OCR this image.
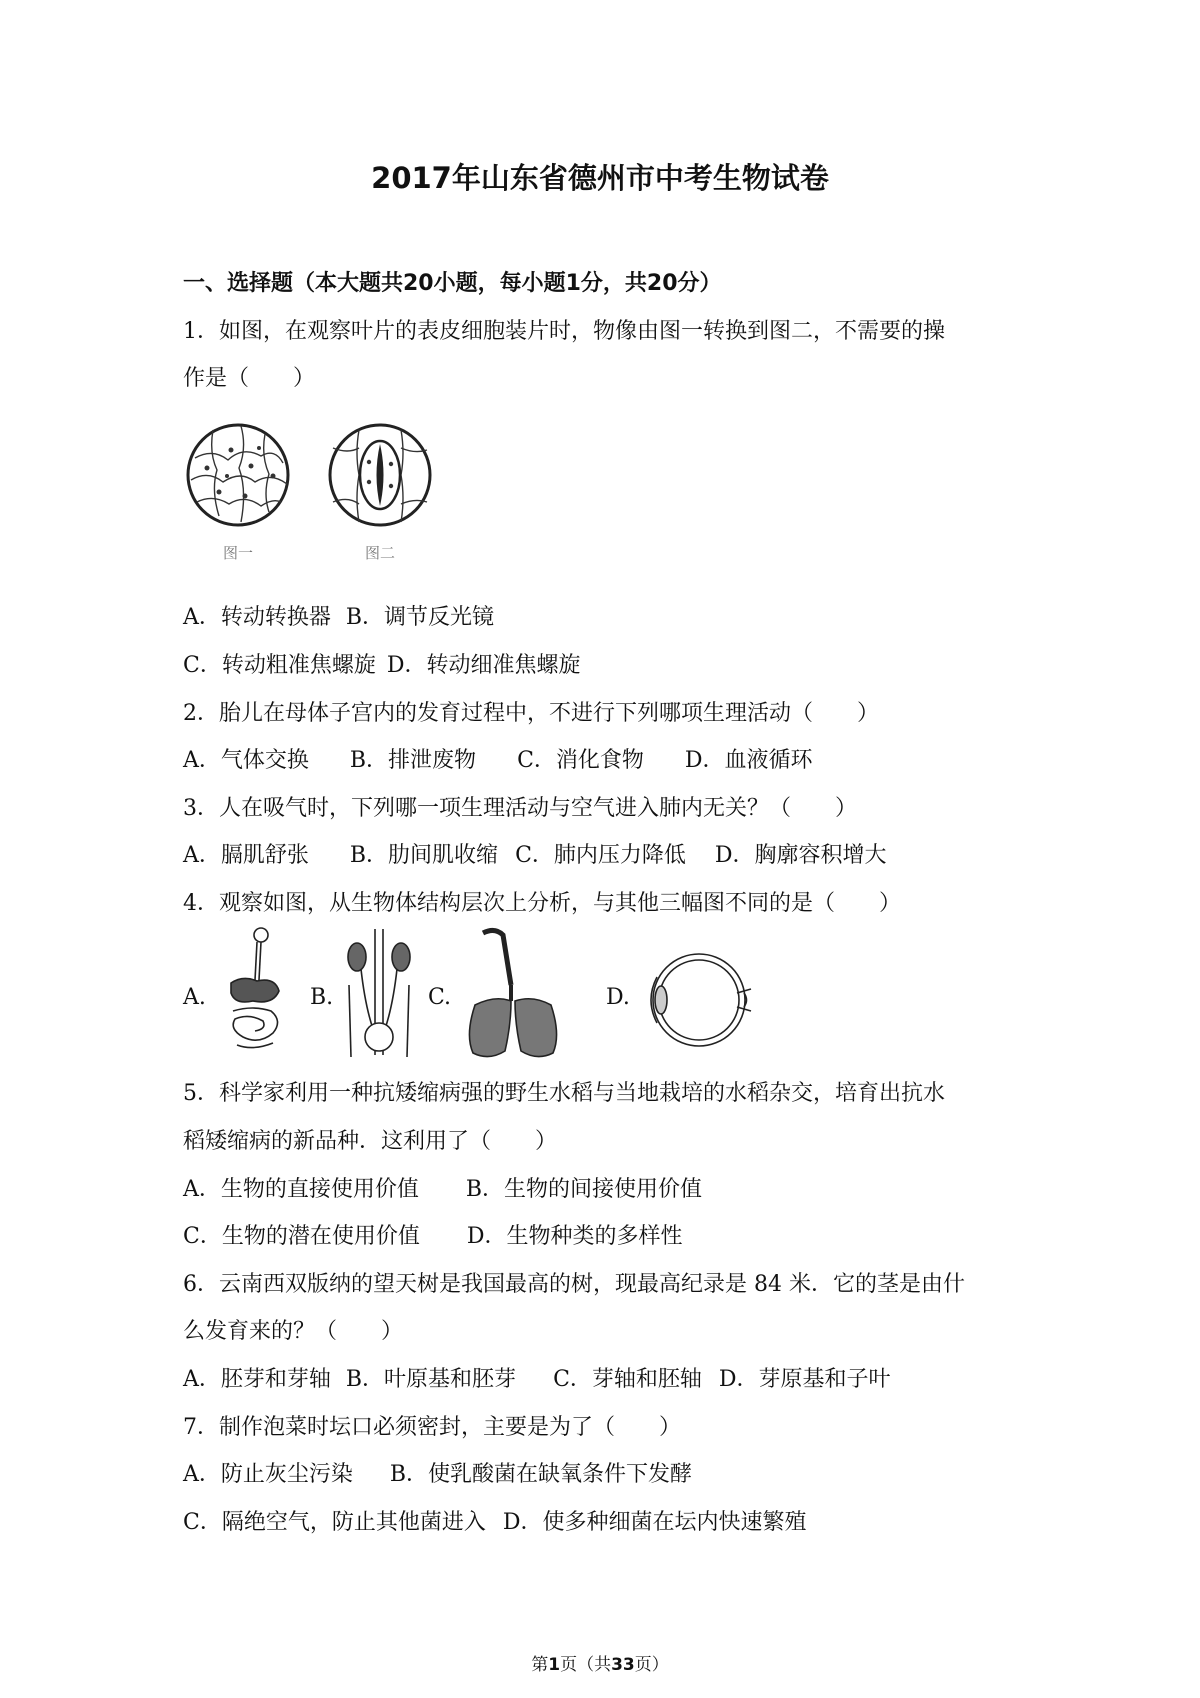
2017年山东省德州市中考生物试卷
一、选择题（本大题共20小题，每小题1分，共20分）
1．如图，在观察叶片的表皮细胞装片时，物像由图一转换到图二，不需要的操
作是（　　）
图一	图二
A．转动转换器 B．调节反光镜
C．转动粗准焦螺旋 D．转动细准焦螺旋
2．胎儿在母体子宫内的发育过程中，不进行下列哪项生理活动（　　）
A．气体交换 B．排泄废物 C．消化食物 D．血液循环
3．人在吸气时，下列哪一项生理活动与空气进入肺内无关？（　　）
A．膈肌舒张 B．肋间肌收缩 C．肺内压力降低 D．胸廓容积增大
4．观察如图，从生物体结构层次上分析，与其他三幅图不同的是（　　）
A.	B.	C.	D.
5．科学家利用一种抗矮缩病强的野生水稻与当地栽培的水稻杂交，培育出抗水
稻矮缩病的新品种．这利用了（　　）
A．生物的直接使用价值 B．生物的间接使用价值
C．生物的潜在使用价值 D．生物种类的多样性
6．云南西双版纳的望天树是我国最高的树，现最高纪录是 84 米．它的茎是由什
么发育来的？（　　）
A．胚芽和芽轴 B．叶原基和胚芽 C．芽轴和胚轴 D．芽原基和子叶
7．制作泡菜时坛口必须密封，主要是为了（　　）
A．防止灰尘污染 B．使乳酸菌在缺氧条件下发酵
C．隔绝空气，防止其他菌进入 D．使多种细菌在坛内快速繁殖
第1页（共33页）
